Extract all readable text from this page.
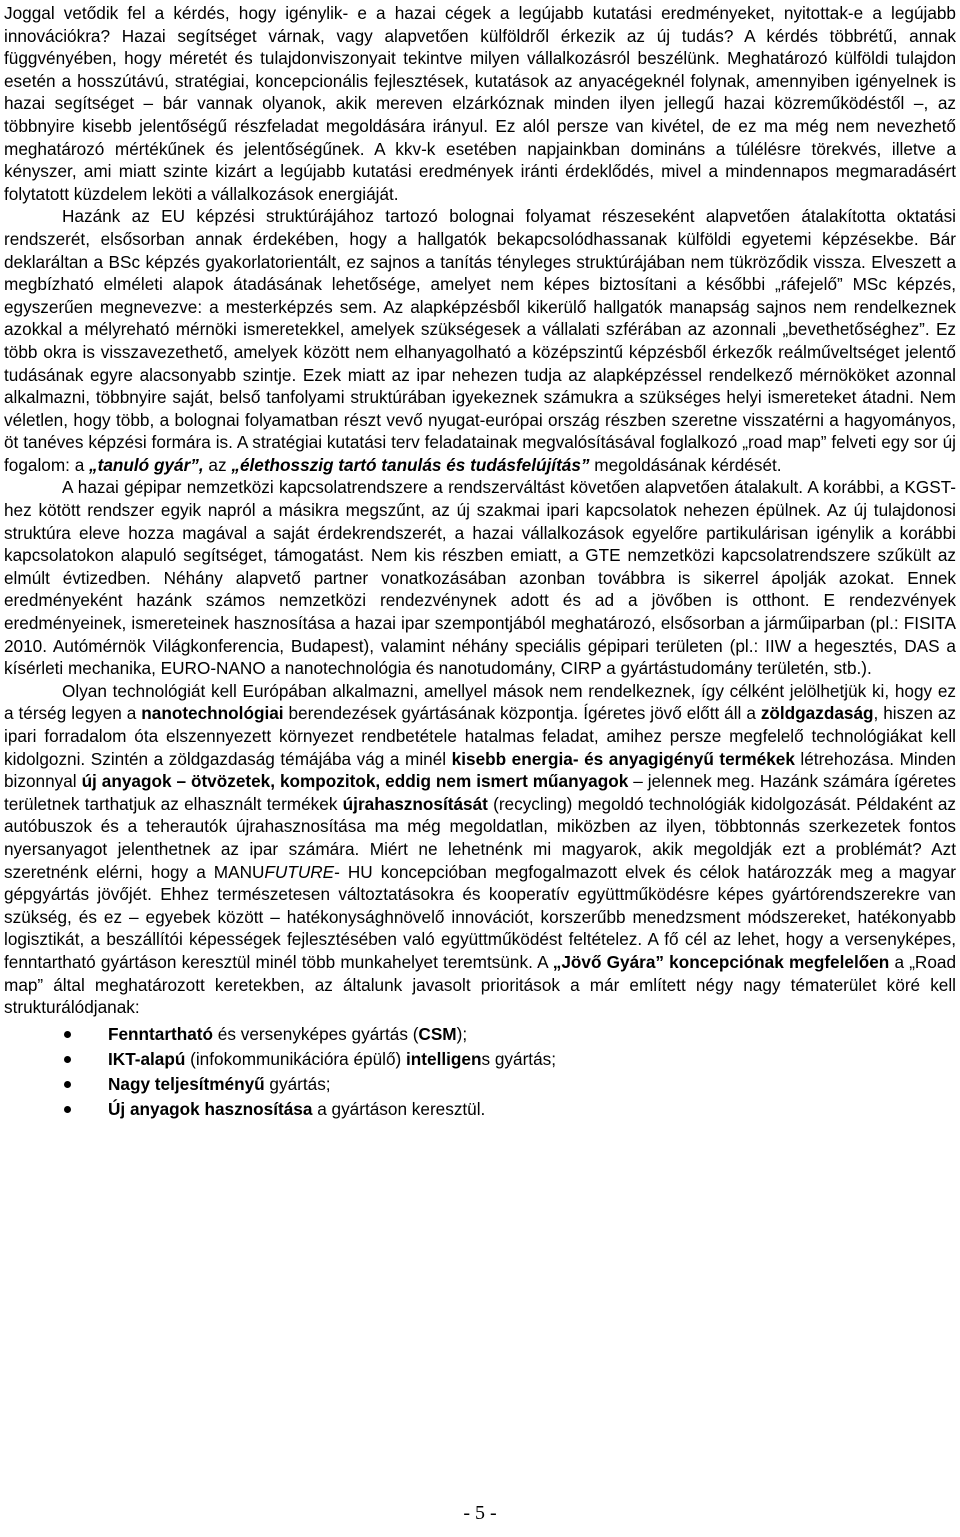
Joggal vetődik fel a kérdés, hogy igénylik- e a hazai cégek a legújabb kutatási eredményeket, nyitottak-e a legújabb innovációkra? Hazai segítséget várnak, vagy alapvetően külföldről érkezik az új tudás? A kérdés többrétű, annak függvényében, hogy méretét és tulajdonviszonyait tekintve milyen vállalkozásról beszélünk. Meghatározó külföldi tulajdon esetén a hosszútávú, stratégiai, koncepcionális fejlesztések, kutatások az anyacégeknél folynak, amennyiben igényelnek is hazai segítséget – bár vannak olyanok, akik mereven elzárkóznak minden ilyen jellegű hazai közreműködéstől –, az többnyire kisebb jelentőségű részfeladat megoldására irányul. Ez alól persze van kivétel, de ez ma még nem nevezhető meghatározó mértékűnek és jelentőségűnek. A kkv-k esetében napjainkban domináns a túlélésre törekvés, illetve a kényszer, ami miatt szinte kizárt a legújabb kutatási eredmények iránti érdeklődés, mivel a mindennapos megmaradásért folytatott küzdelem leköti a vállalkozások energiáját.

Hazánk az EU képzési struktúrájához tartozó bolognai folyamat részeseként alapvetően átalakította oktatási rendszerét, elsősorban annak érdekében, hogy a hallgatók bekapcsolódhassanak külföldi egyetemi képzésekbe. Bár deklaráltan a BSc képzés gyakorlatorientált, ez sajnos a tanítás tényleges struktúrájában nem tükröződik vissza. Elveszett a megbízható elméleti alapok átadásának lehetősége, amelyet nem képes biztosítani a későbbi „ráfejelő” MSc képzés, egyszerűen megnevezve: a mesterképzés sem. Az alapképzésből kikerülő hallgatók manapság sajnos nem rendelkeznek azokkal a mélyreható mérnöki ismeretekkel, amelyek szükségesek a vállalati szférában az azonnali „bevethetőséghez”. Ez több okra is visszavezethető, amelyek között nem elhanyagolható a középszintű képzésből érkezők reálműveltséget jelentő tudásának egyre alacsonyabb szintje. Ezek miatt az ipar nehezen tudja az alapképzéssel rendelkező mérnököket azonnal alkalmazni, többnyire saját, belső tanfolyami struktúrában igyekeznek számukra a szükséges helyi ismereteket átadni. Nem véletlen, hogy több, a bolognai folyamatban részt vevő nyugat-európai ország részben szeretne visszatérni a hagyományos, öt tanéves képzési formára is. A stratégiai kutatási terv feladatainak megvalósításával foglalkozó „road map” felveti egy sor új fogalom: a „tanuló gyár”, az „élethosszig tartó tanulás és tudásfelújítás” megoldásának kérdését.

A hazai gépipar nemzetközi kapcsolatrendszere a rendszerváltást követően alapvetően átalakult. A korábbi, a KGST-hez kötött rendszer egyik napról a másikra megszűnt, az új szakmai ipari kapcsolatok nehezen épülnek. Az új tulajdonosi struktúra eleve hozza magával a saját érdekrendszerét, a hazai vállalkozások egyelőre partikulárisan igénylik a korábbi kapcsolatokon alapuló segítséget, támogatást. Nem kis részben emiatt, a GTE nemzetközi kapcsolatrendszere szűkült az elmúlt évtizedben. Néhány alapvető partner vonatkozásában azonban továbbra is sikerrel ápolják azokat. Ennek eredményeként hazánk számos nemzetközi rendezvénynek adott és ad a jövőben is otthont. E rendezvények eredményeinek, ismereteinek hasznosítása a hazai ipar szempontjából meghatározó, elsősorban a járműiparban (pl.: FISITA 2010. Autómérnök Világkonferencia, Budapest), valamint néhány speciális gépipari területen (pl.: IIW a hegesztés, DAS a kísérleti mechanika, EURO-NANO a nanotechnológia és nanotudomány, CIRP a gyártástudomány területén, stb.).

Olyan technológiát kell Európában alkalmazni, amellyel mások nem rendelkeznek, így célként jelölhetjük ki, hogy ez a térség legyen a nanotechnológiai berendezések gyártásának központja. Ígéretes jövő előtt áll a zöldgazdaság, hiszen az ipari forradalom óta elszennyezett környezet rendbetétele hatalmas feladat, amihez persze megfelelő technológiákat kell kidolgozni. Szintén a zöldgazdaság témájába vág a minél kisebb energia- és anyagigényű termékek létrehozása. Minden bizonnyal új anyagok – ötvözetek, kompozitok, eddig nem ismert műanyagok – jelennek meg. Hazánk számára ígéretes területnek tarthatjuk az elhasznált termékek újrahasznosítását (recycling) megoldó technológiák kidolgozását. Példaként az autóbuszok és a teherautók újrahasznosítása ma még megoldatlan, miközben az ilyen, többtonnás szerkezetek fontos nyersanyagot jelenthetnek az ipar számára. Miért ne lehetnénk mi magyarok, akik megoldják ezt a problémát? Azt szeretnénk elérni, hogy a MANUFUTURE- HU koncepcióban megfogalmazott elvek és célok határozzák meg a magyar gépgyártás jövőjét. Ehhez természetesen változtatásokra és kooperatív együttműködésre képes gyártórendszerekre van szükség, és ez – egyebek között – hatékonysághnövelő innovációt, korszerűbb menedzsment módszereket, hatékonyabb logisztikát, a beszállítói képességek fejlesztésében való együttműködést feltételez. A fő cél az lehet, hogy a versenyképes, fenntartható gyártáson keresztül minél több munkahelyet teremtsünk. A „Jövő Gyára” koncepciónak megfelelően a „Road map” által meghatározott keretekben, az általunk javasolt prioritások a már említett négy nagy tématerület köré kell strukturálódjanak:

Fenntartható és versenyképes gyártás (CSM);
IKT-alapú (infokommunikációra épülő) intelligens gyártás;
Nagy teljesítményű gyártás;
Új anyagok hasznosítása a gyártáson keresztül.
- 5 -
